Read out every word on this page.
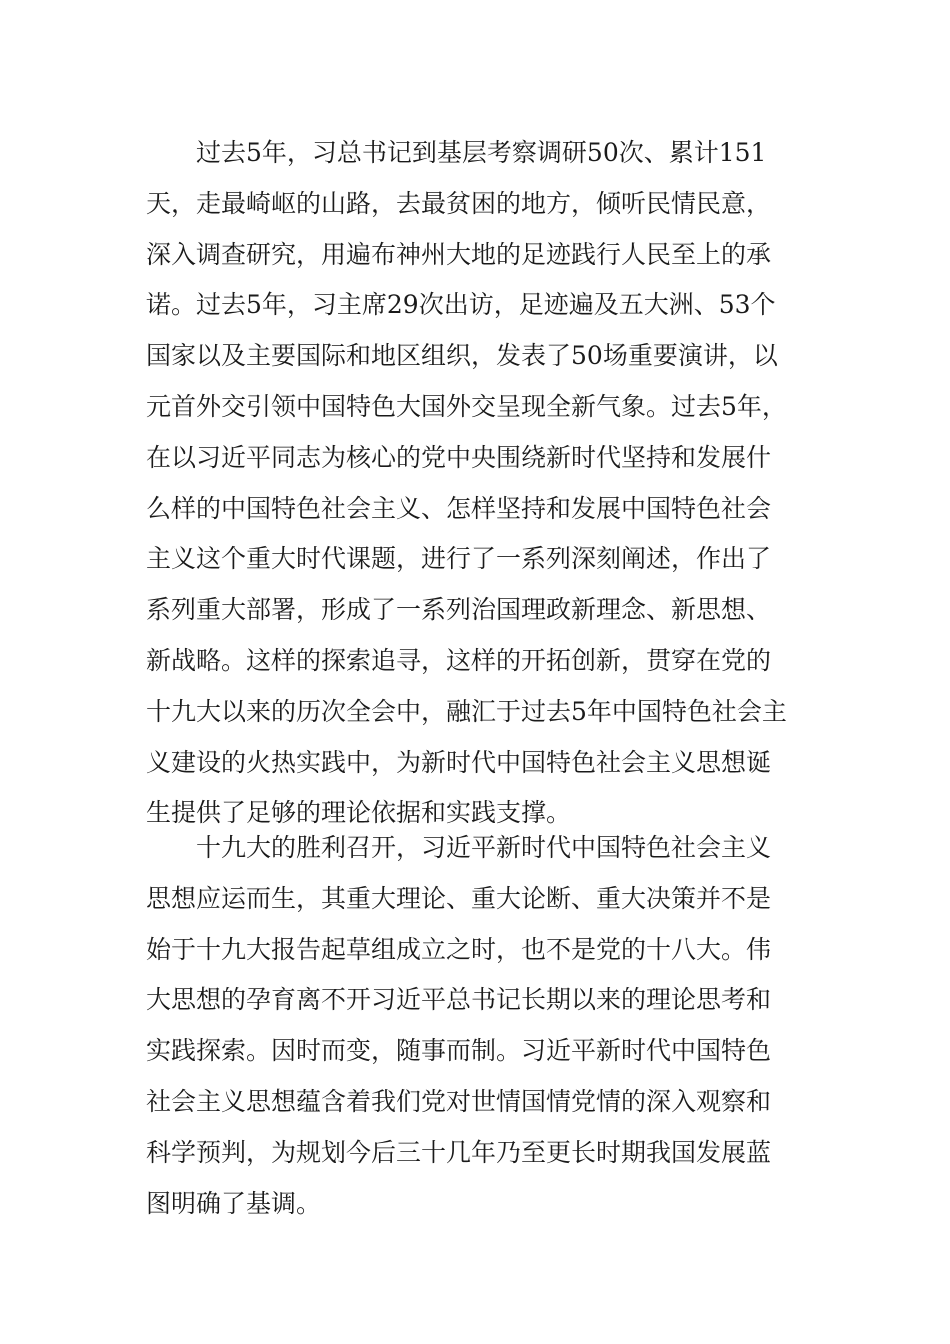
　　过去5年，习总书记到基层考察调研50次、累计151
天，走最崎岖的山路，去最贫困的地方，倾听民情民意，
深入调查研究，用遍布神州大地的足迹践行人民至上的承
诺。过去5年，习主席29次出访，足迹遍及五大洲、53个
国家以及主要国际和地区组织，发表了50场重要演讲，以
元首外交引领中国特色大国外交呈现全新气象。过去5年，
在以习近平同志为核心的党中央围绕新时代坚持和发展什
么样的中国特色社会主义、怎样坚持和发展中国特色社会
主义这个重大时代课题，进行了一系列深刻阐述，作出了
系列重大部署，形成了一系列治国理政新理念、新思想、
新战略。这样的探索追寻，这样的开拓创新，贯穿在党的
十九大以来的历次全会中，融汇于过去5年中国特色社会主
义建设的火热实践中，为新时代中国特色社会主义思想诞
生提供了足够的理论依据和实践支撑。

　　十九大的胜利召开，习近平新时代中国特色社会主义
思想应运而生，其重大理论、重大论断、重大决策并不是
始于十九大报告起草组成立之时，也不是党的十八大。伟
大思想的孕育离不开习近平总书记长期以来的理论思考和
实践探索。因时而变，随事而制。习近平新时代中国特色
社会主义思想蕴含着我们党对世情国情党情的深入观察和
科学预判，为规划今后三十几年乃至更长时期我国发展蓝
图明确了基调。
